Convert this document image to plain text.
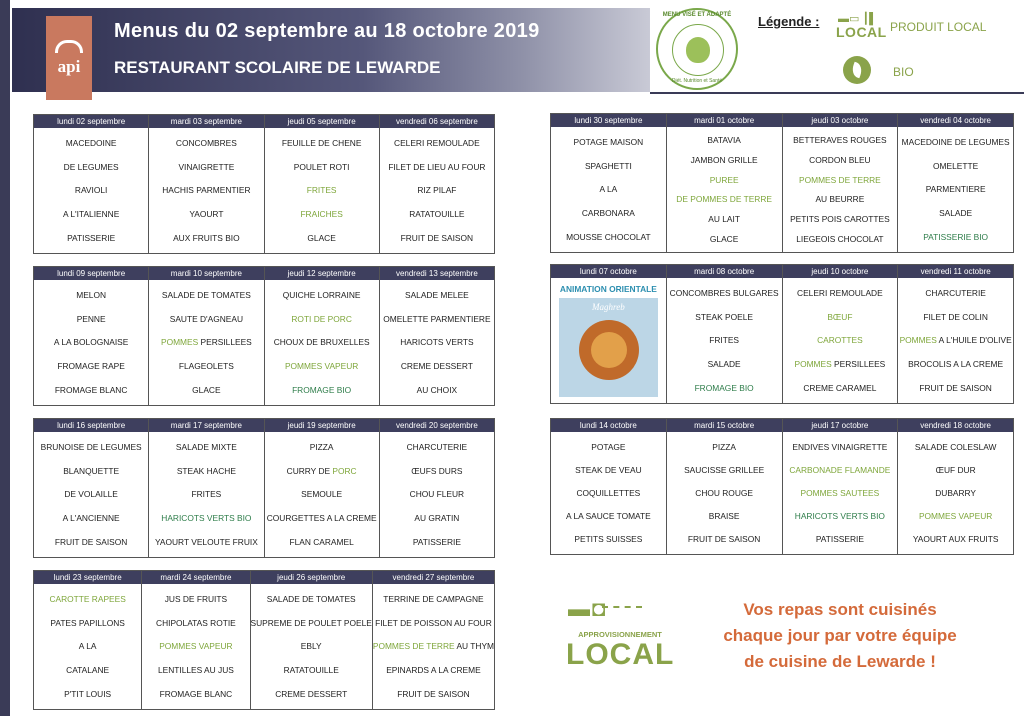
api
Menus du 02 septembre au 18 octobre 2019
RESTAURANT SCOLAIRE DE LEWARDE
MENU VISÉ ET ADAPTÉ
Diét. Nutrition et Santé
Légende : ▬▭ ┃▌
LOCAL PRODUIT LOCAL
BIO
lundi 02 septembre
MACEDOINE
DE LEGUMES
RAVIOLI
A L'ITALIENNE
PATISSERIE
mardi 03 septembre
CONCOMBRES
VINAIGRETTE
HACHIS PARMENTIER
YAOURT
AUX FRUITS BIO
jeudi 05 septembre
FEUILLE DE CHENE
POULET ROTI
FRITES
FRAICHES
GLACE
vendredi 06 septembre
CELERI REMOULADE
FILET DE LIEU AU FOUR
RIZ PILAF
RATATOUILLE
FRUIT DE SAISON
lundi 09 septembre
MELON
PENNE
A LA BOLOGNAISE
FROMAGE RAPE
FROMAGE BLANC
mardi 10 septembre
SALADE DE TOMATES
SAUTE D'AGNEAU
POMMES PERSILLEES
FLAGEOLETS
GLACE
jeudi 12 septembre
QUICHE LORRAINE
ROTI DE PORC
CHOUX DE BRUXELLES
POMMES VAPEUR
FROMAGE BIO
vendredi 13 septembre
SALADE MELEE
OMELETTE PARMENTIERE
HARICOTS VERTS
CREME DESSERT
AU CHOIX
lundi 16 septembre
BRUNOISE DE LEGUMES
BLANQUETTE
DE VOLAILLE
A L'ANCIENNE
FRUIT DE SAISON
mardi 17 septembre
SALADE MIXTE
STEAK HACHE
FRITES
HARICOTS VERTS BIO
YAOURT VELOUTE FRUIX
jeudi 19 septembre
PIZZA
CURRY DE PORC
SEMOULE
COURGETTES A LA CREME
FLAN CARAMEL
vendredi 20 septembre
CHARCUTERIE
ŒUFS DURS
CHOU FLEUR
AU GRATIN
PATISSERIE
lundi 23 septembre
CAROTTE RAPEES
PATES PAPILLONS
A LA
CATALANE
P'TIT LOUIS
mardi 24 septembre
JUS DE FRUITS
CHIPOLATAS ROTIE
POMMES VAPEUR
LENTILLES AU JUS
FROMAGE BLANC
jeudi 26 septembre
SALADE DE TOMATES
SUPREME DE POULET POELE
EBLY
RATATOUILLE
CREME DESSERT
vendredi 27 septembre
TERRINE DE CAMPAGNE
FILET DE POISSON AU FOUR
POMMES DE TERRE AU THYM
EPINARDS A LA CREME
FRUIT DE SAISON
lundi 30 septembre
POTAGE MAISON
SPAGHETTI
A LA
CARBONARA
MOUSSE CHOCOLAT
mardi 01 octobre
BATAVIA
JAMBON GRILLE
PUREE
DE POMMES DE TERRE
AU LAIT
GLACE
jeudi 03 octobre
BETTERAVES ROUGES
CORDON BLEU
POMMES DE TERRE
AU BEURRE
PETITS POIS CAROTTES
LIEGEOIS CHOCOLAT
vendredi 04 octobre
MACEDOINE DE LEGUMES
OMELETTE
PARMENTIERE
SALADE
PATISSERIE BIO
lundi 07 octobre
ANIMATION ORIENTALE
Maghreb
mardi 08 octobre
CONCOMBRES BULGARES
STEAK POELE
FRITES
SALADE
FROMAGE BIO
jeudi 10 octobre
CELERI REMOULADE
BŒUF
CAROTTES
POMMES PERSILLEES
CREME CARAMEL
vendredi 11 octobre
CHARCUTERIE
FILET DE COLIN
POMMES A L'HUILE D'OLIVE
BROCOLIS A LA CREME
FRUIT DE SAISON
lundi 14 octobre
POTAGE
STEAK DE VEAU
COQUILLETTES
A LA SAUCE TOMATE
PETITS SUISSES
mardi 15 octobre
PIZZA
SAUCISSE GRILLEE
CHOU ROUGE
BRAISE
FRUIT DE SAISON
jeudi 17 octobre
ENDIVES VINAIGRETTE
CARBONADE FLAMANDE
POMMES SAUTEES
HARICOTS VERTS BIO
PATISSERIE
vendredi 18 octobre
SALADE COLESLAW
ŒUF DUR
DUBARRY
POMMES VAPEUR
YAOURT AUX FRUITS
▬◘
APPROVISIONNEMENT
LOCAL
Vos repas sont cuisinés
chaque jour par votre équipe
de cuisine de Lewarde !
